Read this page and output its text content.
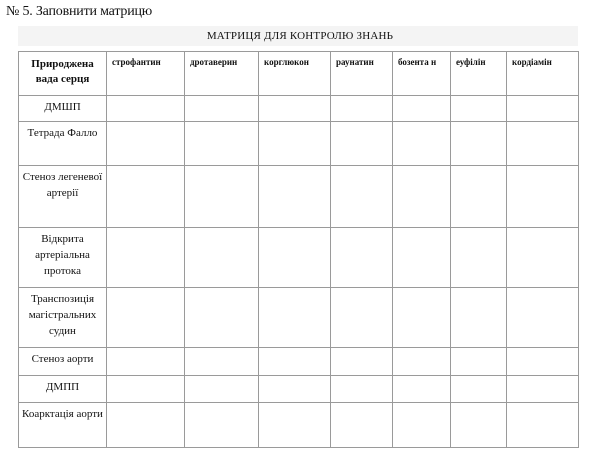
№ 5. Заповнити матрицю
МАТРИЦЯ ДЛЯ КОНТРОЛЮ ЗНАНЬ
Природжена вада серця	строфантин	дротаверин	корглюкон	раунатин	бозента н	еуфілін	кордіамін
ДМШП							
Тетрада Фалло							
Стеноз легеневої артерії							
Відкрита артеріальна протока							
Транспозиція магістральних судин							
Стеноз аорти							
ДМПП							
Коарктація аорти							
